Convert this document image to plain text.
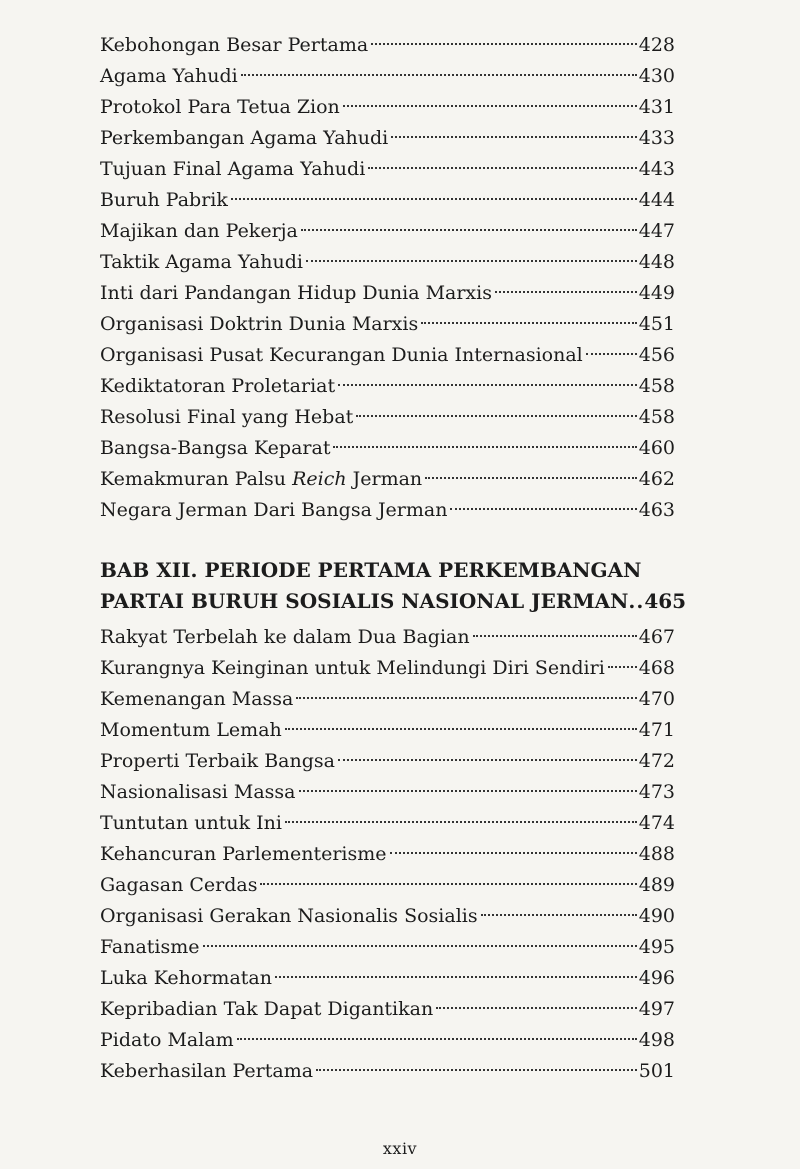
Kebohongan Besar Pertama	428
Agama Yahudi	430
Protokol Para Tetua Zion	431
Perkembangan Agama Yahudi	433
Tujuan Final Agama Yahudi	443
Buruh Pabrik	444
Majikan dan Pekerja	447
Taktik Agama Yahudi	448
Inti dari Pandangan Hidup Dunia Marxis	449
Organisasi Doktrin Dunia Marxis	451
Organisasi Pusat Kecurangan Dunia Internasional	456
Kediktatoran Proletariat	458
Resolusi Final yang Hebat	458
Bangsa-Bangsa Keparat	460
Kemakmuran Palsu Reich Jerman	462
Negara Jerman Dari Bangsa Jerman	463
BAB XII. PERIODE PERTAMA PERKEMBANGAN
PARTAI BURUH SOSIALIS NASIONAL JERMAN .. 465
Rakyat Terbelah ke dalam Dua Bagian	467
Kurangnya Keinginan untuk Melindungi Diri Sendiri 468
Kemenangan Massa	470
Momentum Lemah	471
Properti Terbaik Bangsa	472
Nasionalisasi Massa	473
Tuntutan untuk Ini	474
Kehancuran Parlementerisme	488
Gagasan Cerdas	489
Organisasi Gerakan Nasionalis Sosialis	490
Fanatisme	495
Luka Kehormatan	496
Kepribadian Tak Dapat Digantikan	497
Pidato Malam	498
Keberhasilan Pertama	501
xxiv
